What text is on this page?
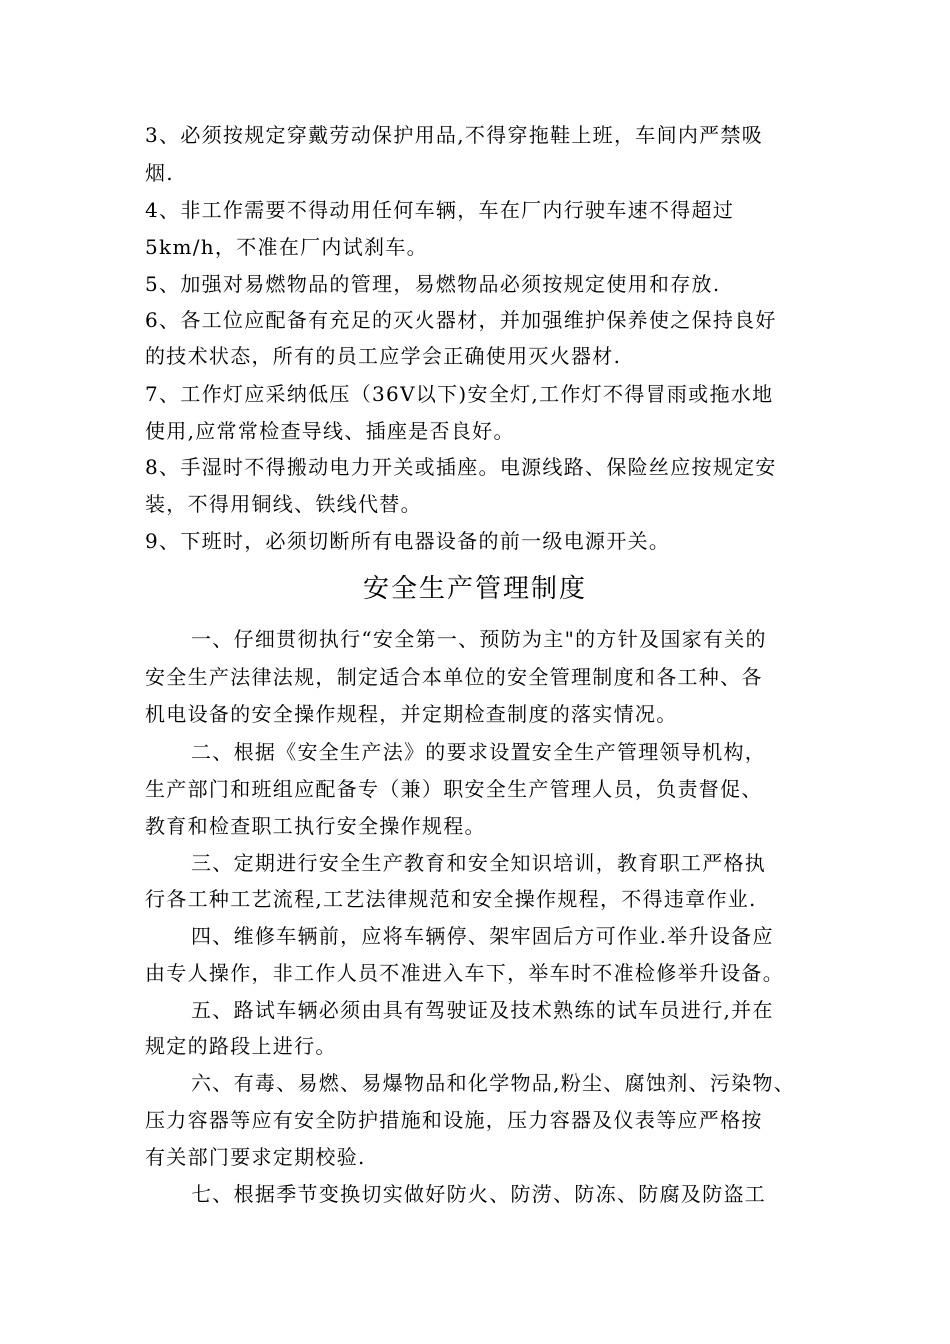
3、必须按规定穿戴劳动保护用品,不得穿拖鞋上班，车间内严禁吸
烟.
4、非工作需要不得动用任何车辆，车在厂内行驶车速不得超过
5km/h，不准在厂内试刹车。
5、加强对易燃物品的管理，易燃物品必须按规定使用和存放.
6、各工位应配备有充足的灭火器材，并加强维护保养使之保持良好
的技术状态，所有的员工应学会正确使用灭火器材.
7、工作灯应采纳低压（36V以下)安全灯,工作灯不得冒雨或拖水地
使用,应常常检查导线、插座是否良好。
8、手湿时不得搬动电力开关或插座。电源线路、保险丝应按规定安
装，不得用铜线、铁线代替。
9、下班时，必须切断所有电器设备的前一级电源开关。
安全生产管理制度
一、仔细贯彻执行“安全第一、预防为主"的方针及国家有关的
安全生产法律法规，制定适合本单位的安全管理制度和各工种、各
机电设备的安全操作规程，并定期检查制度的落实情况。
二、根据《安全生产法》的要求设置安全生产管理领导机构，
生产部门和班组应配备专（兼）职安全生产管理人员，负责督促、
教育和检查职工执行安全操作规程。
三、定期进行安全生产教育和安全知识培训，教育职工严格执
行各工种工艺流程,工艺法律规范和安全操作规程，不得违章作业.
四、维修车辆前，应将车辆停、架牢固后方可作业.举升设备应
由专人操作，非工作人员不准进入车下，举车时不准检修举升设备。
五、路试车辆必须由具有驾驶证及技术熟练的试车员进行,并在
规定的路段上进行。
六、有毒、易燃、易爆物品和化学物品,粉尘、腐蚀剂、污染物、
压力容器等应有安全防护措施和设施，压力容器及仪表等应严格按
有关部门要求定期校验.
七、根据季节变换切实做好防火、防涝、防冻、防腐及防盗工
